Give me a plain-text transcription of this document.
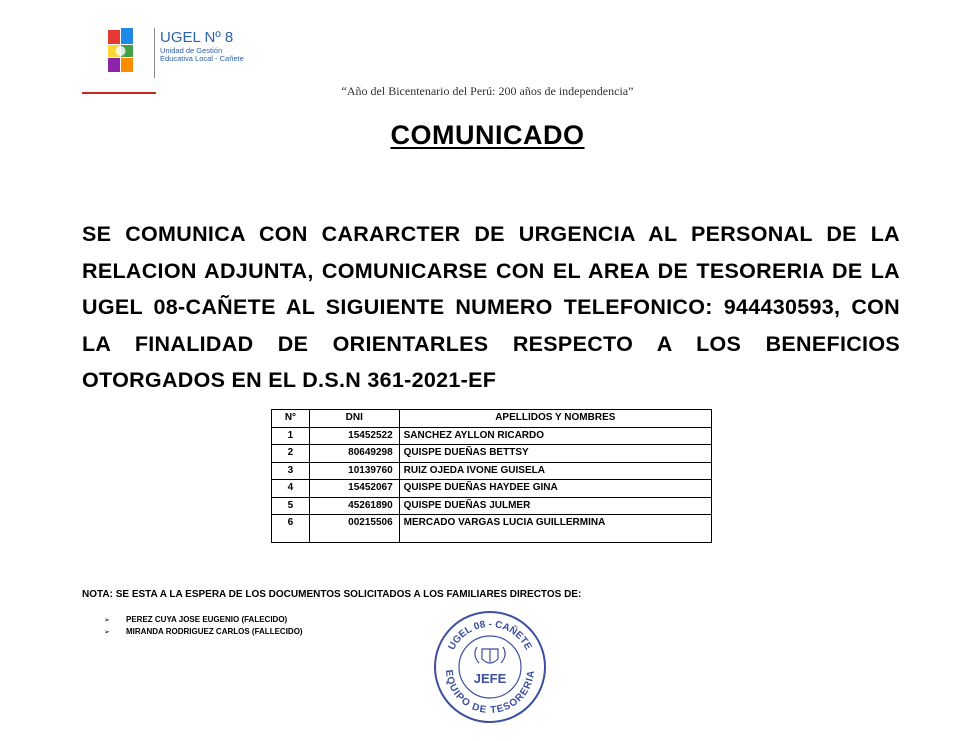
UGEL Nº 8
Unidad de Gestión
Educativa Local - Cañete
“Año del Bicentenario del Perú: 200 años de independencia”
COMUNICADO
SE COMUNICA CON CARARCTER DE URGENCIA AL PERSONAL DE LA RELACION ADJUNTA, COMUNICARSE CON EL AREA DE TESORERIA DE LA UGEL 08-CAÑETE AL SIGUIENTE NUMERO TELEFONICO: 944430593, CON LA FINALIDAD DE ORIENTARLES RESPECTO A LOS BENEFICIOS OTORGADOS EN EL D.S.N 361-2021-EF
N°	DNI	APELLIDOS Y NOMBRES
1	15452522	SANCHEZ AYLLON RICARDO
2	80649298	QUISPE DUEÑAS BETTSY
3	10139760	RUIZ OJEDA IVONE GUISELA
4	15452067	QUISPE DUEÑAS HAYDEE GINA
5	45261890	QUISPE DUEÑAS JULMER
6	00215506	MERCADO VARGAS LUCIA GUILLERMINA
NOTA: SE ESTA A LA ESPERA DE LOS DOCUMENTOS SOLICITADOS A LOS FAMILIARES DIRECTOS DE:
➢ PEREZ CUYA JOSE EUGENIO (FALECIDO)
➢ MIRANDA RODRIGUEZ CARLOS (FALLECIDO)
UGEL 08 - CAÑETE
EQUIPO DE TESORERIA
JEFE
